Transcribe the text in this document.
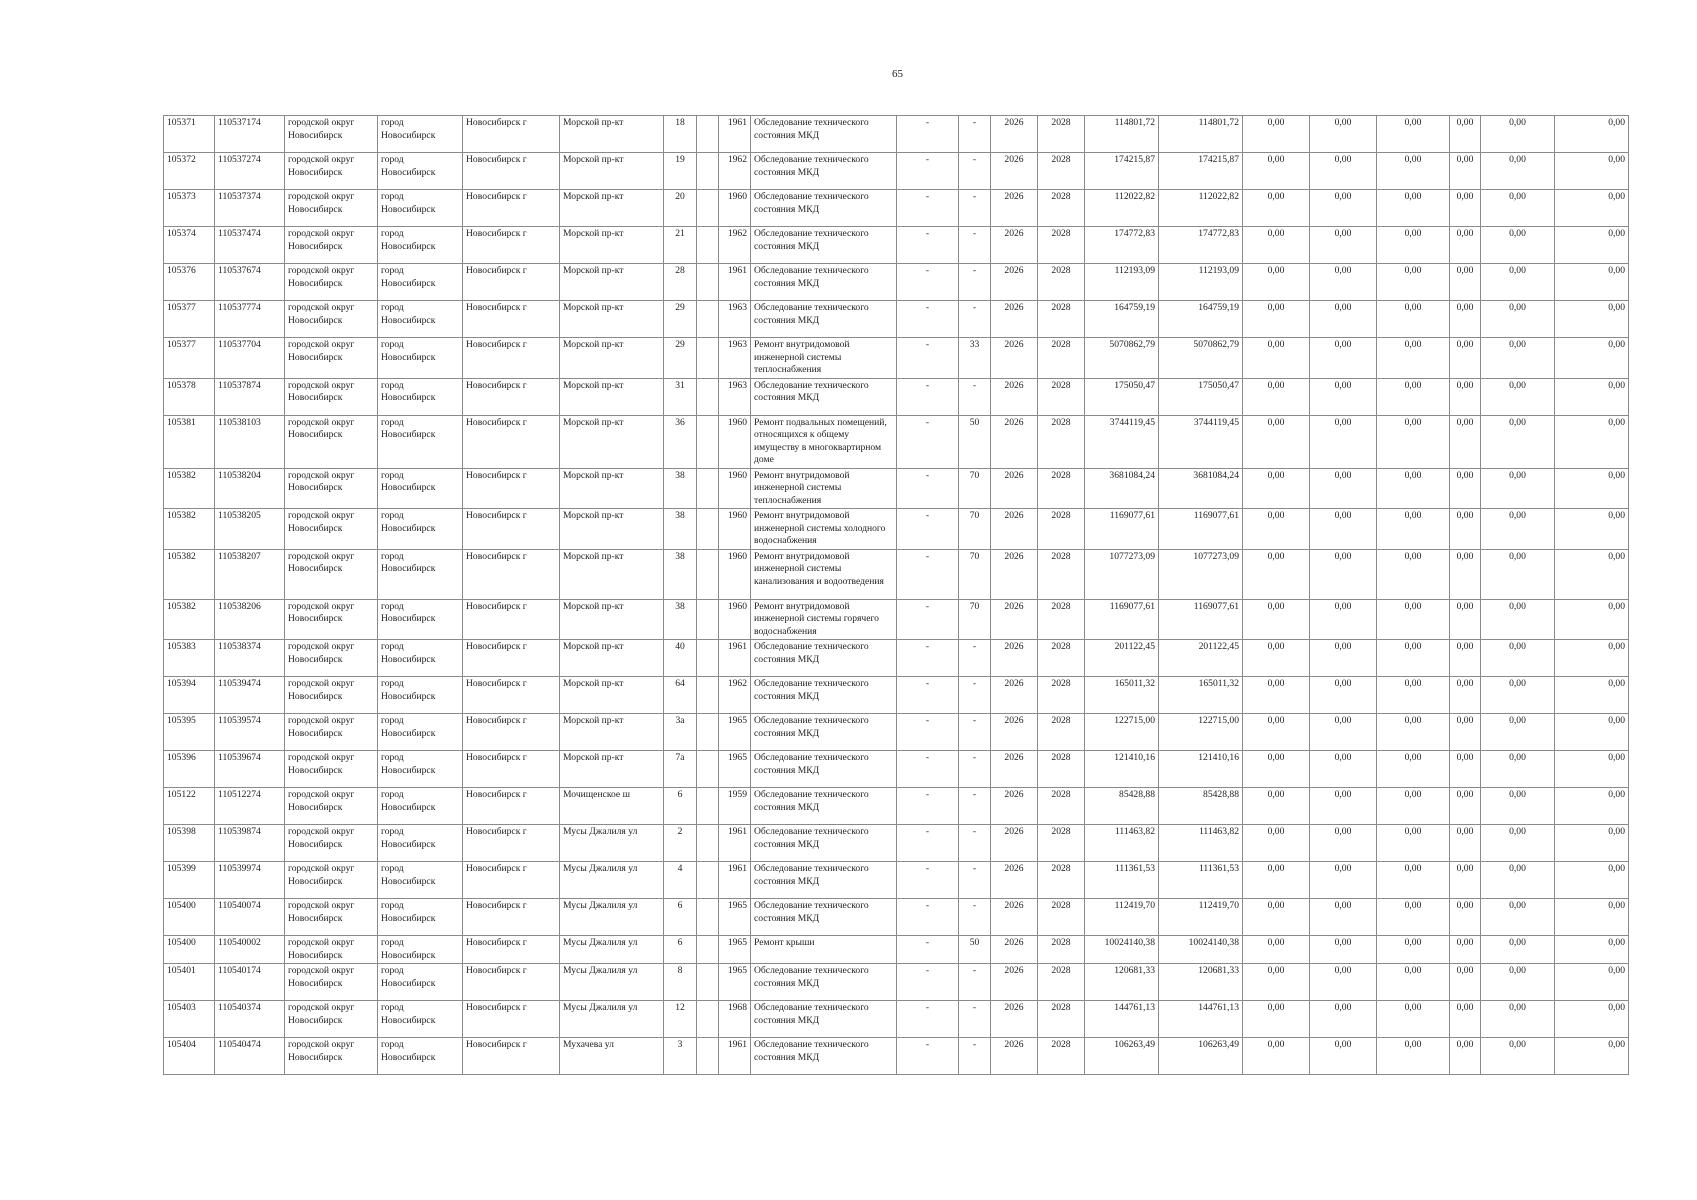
65
105371	110537174	городской округ Новосибирск	город Новосибирск	Новосибирск г	Морской пр-кт	18		1961	Обследование технического состояния МКД	-	-	2026	2028	114801,72	114801,72	0,00	0,00	0,00	0,00	0,00	0,00
105372	110537274	городской округ Новосибирск	город Новосибирск	Новосибирск г	Морской пр-кт	19		1962	Обследование технического состояния МКД	-	-	2026	2028	174215,87	174215,87	0,00	0,00	0,00	0,00	0,00	0,00
105373	110537374	городской округ Новосибирск	город Новосибирск	Новосибирск г	Морской пр-кт	20		1960	Обследование технического состояния МКД	-	-	2026	2028	112022,82	112022,82	0,00	0,00	0,00	0,00	0,00	0,00
105374	110537474	городской округ Новосибирск	город Новосибирск	Новосибирск г	Морской пр-кт	21		1962	Обследование технического состояния МКД	-	-	2026	2028	174772,83	174772,83	0,00	0,00	0,00	0,00	0,00	0,00
105376	110537674	городской округ Новосибирск	город Новосибирск	Новосибирск г	Морской пр-кт	28		1961	Обследование технического состояния МКД	-	-	2026	2028	112193,09	112193,09	0,00	0,00	0,00	0,00	0,00	0,00
105377	110537774	городской округ Новосибирск	город Новосибирск	Новосибирск г	Морской пр-кт	29		1963	Обследование технического состояния МКД	-	-	2026	2028	164759,19	164759,19	0,00	0,00	0,00	0,00	0,00	0,00
105377	110537704	городской округ Новосибирск	город Новосибирск	Новосибирск г	Морской пр-кт	29		1963	Ремонт внутридомовой инженерной системы теплоснабжения	-	33	2026	2028	5070862,79	5070862,79	0,00	0,00	0,00	0,00	0,00	0,00
105378	110537874	городской округ Новосибирск	город Новосибирск	Новосибирск г	Морской пр-кт	31		1963	Обследование технического состояния МКД	-	-	2026	2028	175050,47	175050,47	0,00	0,00	0,00	0,00	0,00	0,00
105381	110538103	городской округ Новосибирск	город Новосибирск	Новосибирск г	Морской пр-кт	36		1960	Ремонт подвальных помещений, относящихся к общему имуществу в многоквартирном доме	-	50	2026	2028	3744119,45	3744119,45	0,00	0,00	0,00	0,00	0,00	0,00
105382	110538204	городской округ Новосибирск	город Новосибирск	Новосибирск г	Морской пр-кт	38		1960	Ремонт внутридомовой инженерной системы теплоснабжения	-	70	2026	2028	3681084,24	3681084,24	0,00	0,00	0,00	0,00	0,00	0,00
105382	110538205	городской округ Новосибирск	город Новосибирск	Новосибирск г	Морской пр-кт	38		1960	Ремонт внутридомовой инженерной системы холодного водоснабжения	-	70	2026	2028	1169077,61	1169077,61	0,00	0,00	0,00	0,00	0,00	0,00
105382	110538207	городской округ Новосибирск	город Новосибирск	Новосибирск г	Морской пр-кт	38		1960	Ремонт внутридомовой инженерной системы канализования и водоотведения	-	70	2026	2028	1077273,09	1077273,09	0,00	0,00	0,00	0,00	0,00	0,00
105382	110538206	городской округ Новосибирск	город Новосибирск	Новосибирск г	Морской пр-кт	38		1960	Ремонт внутридомовой инженерной системы горячего водоснабжения	-	70	2026	2028	1169077,61	1169077,61	0,00	0,00	0,00	0,00	0,00	0,00
105383	110538374	городской округ Новосибирск	город Новосибирск	Новосибирск г	Морской пр-кт	40		1961	Обследование технического состояния МКД	-	-	2026	2028	201122,45	201122,45	0,00	0,00	0,00	0,00	0,00	0,00
105394	110539474	городской округ Новосибирск	город Новосибирск	Новосибирск г	Морской пр-кт	64		1962	Обследование технического состояния МКД	-	-	2026	2028	165011,32	165011,32	0,00	0,00	0,00	0,00	0,00	0,00
105395	110539574	городской округ Новосибирск	город Новосибирск	Новосибирск г	Морской пр-кт	3а		1965	Обследование технического состояния МКД	-	-	2026	2028	122715,00	122715,00	0,00	0,00	0,00	0,00	0,00	0,00
105396	110539674	городской округ Новосибирск	город Новосибирск	Новосибирск г	Морской пр-кт	7а		1965	Обследование технического состояния МКД	-	-	2026	2028	121410,16	121410,16	0,00	0,00	0,00	0,00	0,00	0,00
105122	110512274	городской округ Новосибирск	город Новосибирск	Новосибирск г	Мочищенское ш	6		1959	Обследование технического состояния МКД	-	-	2026	2028	85428,88	85428,88	0,00	0,00	0,00	0,00	0,00	0,00
105398	110539874	городской округ Новосибирск	город Новосибирск	Новосибирск г	Мусы Джалиля ул	2		1961	Обследование технического состояния МКД	-	-	2026	2028	111463,82	111463,82	0,00	0,00	0,00	0,00	0,00	0,00
105399	110539974	городской округ Новосибирск	город Новосибирск	Новосибирск г	Мусы Джалиля ул	4		1961	Обследование технического состояния МКД	-	-	2026	2028	111361,53	111361,53	0,00	0,00	0,00	0,00	0,00	0,00
105400	110540074	городской округ Новосибирск	город Новосибирск	Новосибирск г	Мусы Джалиля ул	6		1965	Обследование технического состояния МКД	-	-	2026	2028	112419,70	112419,70	0,00	0,00	0,00	0,00	0,00	0,00
105400	110540002	городской округ Новосибирск	город Новосибирск	Новосибирск г	Мусы Джалиля ул	6		1965	Ремонт крыши	-	50	2026	2028	10024140,38	10024140,38	0,00	0,00	0,00	0,00	0,00	0,00
105401	110540174	городской округ Новосибирск	город Новосибирск	Новосибирск г	Мусы Джалиля ул	8		1965	Обследование технического состояния МКД	-	-	2026	2028	120681,33	120681,33	0,00	0,00	0,00	0,00	0,00	0,00
105403	110540374	городской округ Новосибирск	город Новосибирск	Новосибирск г	Мусы Джалиля ул	12		1968	Обследование технического состояния МКД	-	-	2026	2028	144761,13	144761,13	0,00	0,00	0,00	0,00	0,00	0,00
105404	110540474	городской округ Новосибирск	город Новосибирск	Новосибирск г	Мухачева ул	3		1961	Обследование технического состояния МКД	-	-	2026	2028	106263,49	106263,49	0,00	0,00	0,00	0,00	0,00	0,00
